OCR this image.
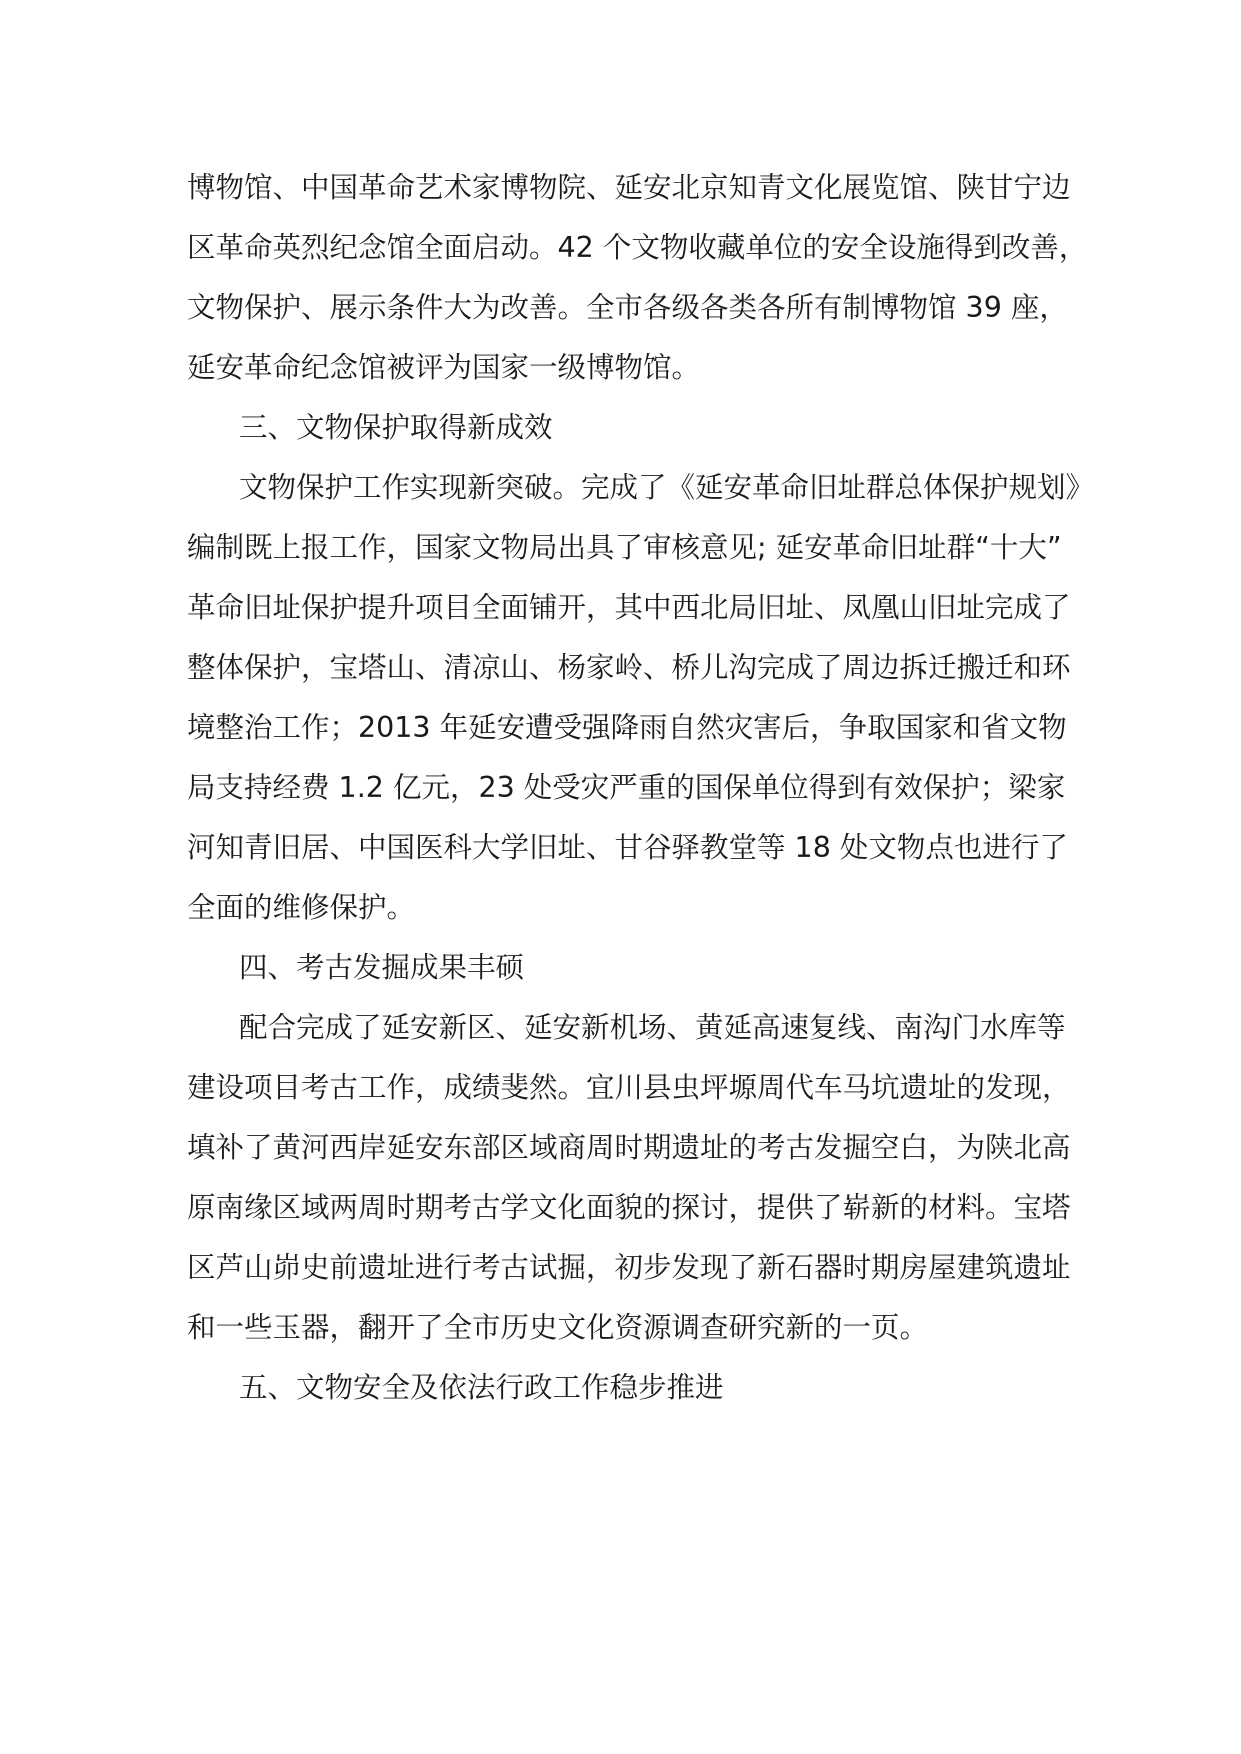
博物馆、中国革命艺术家博物院、延安北京知青文化展览馆、陕甘宁边
区革命英烈纪念馆全面启动。42 个文物收藏单位的安全设施得到改善，
文物保护、展示条件大为改善。全市各级各类各所有制博物馆 39 座，
延安革命纪念馆被评为国家一级博物馆。
三、文物保护取得新成效
文物保护工作实现新突破。完成了《延安革命旧址群总体保护规划》
编制既上报工作，国家文物局出具了审核意见; 延安革命旧址群“十大”
革命旧址保护提升项目全面铺开，其中西北局旧址、凤凰山旧址完成了
整体保护，宝塔山、清凉山、杨家岭、桥儿沟完成了周边拆迁搬迁和环
境整治工作；2013 年延安遭受强降雨自然灾害后，争取国家和省文物
局支持经费 1.2 亿元，23 处受灾严重的国保单位得到有效保护；梁家
河知青旧居、中国医科大学旧址、甘谷驿教堂等 18 处文物点也进行了
全面的维修保护。
四、考古发掘成果丰硕
配合完成了延安新区、延安新机场、黄延高速复线、南沟门水库等
建设项目考古工作，成绩斐然。宜川县虫坪塬周代车马坑遗址的发现，
填补了黄河西岸延安东部区域商周时期遗址的考古发掘空白，为陕北高
原南缘区域两周时期考古学文化面貌的探讨，提供了崭新的材料。宝塔
区芦山峁史前遗址进行考古试掘，初步发现了新石器时期房屋建筑遗址
和一些玉器，翻开了全市历史文化资源调查研究新的一页。
五、文物安全及依法行政工作稳步推进
